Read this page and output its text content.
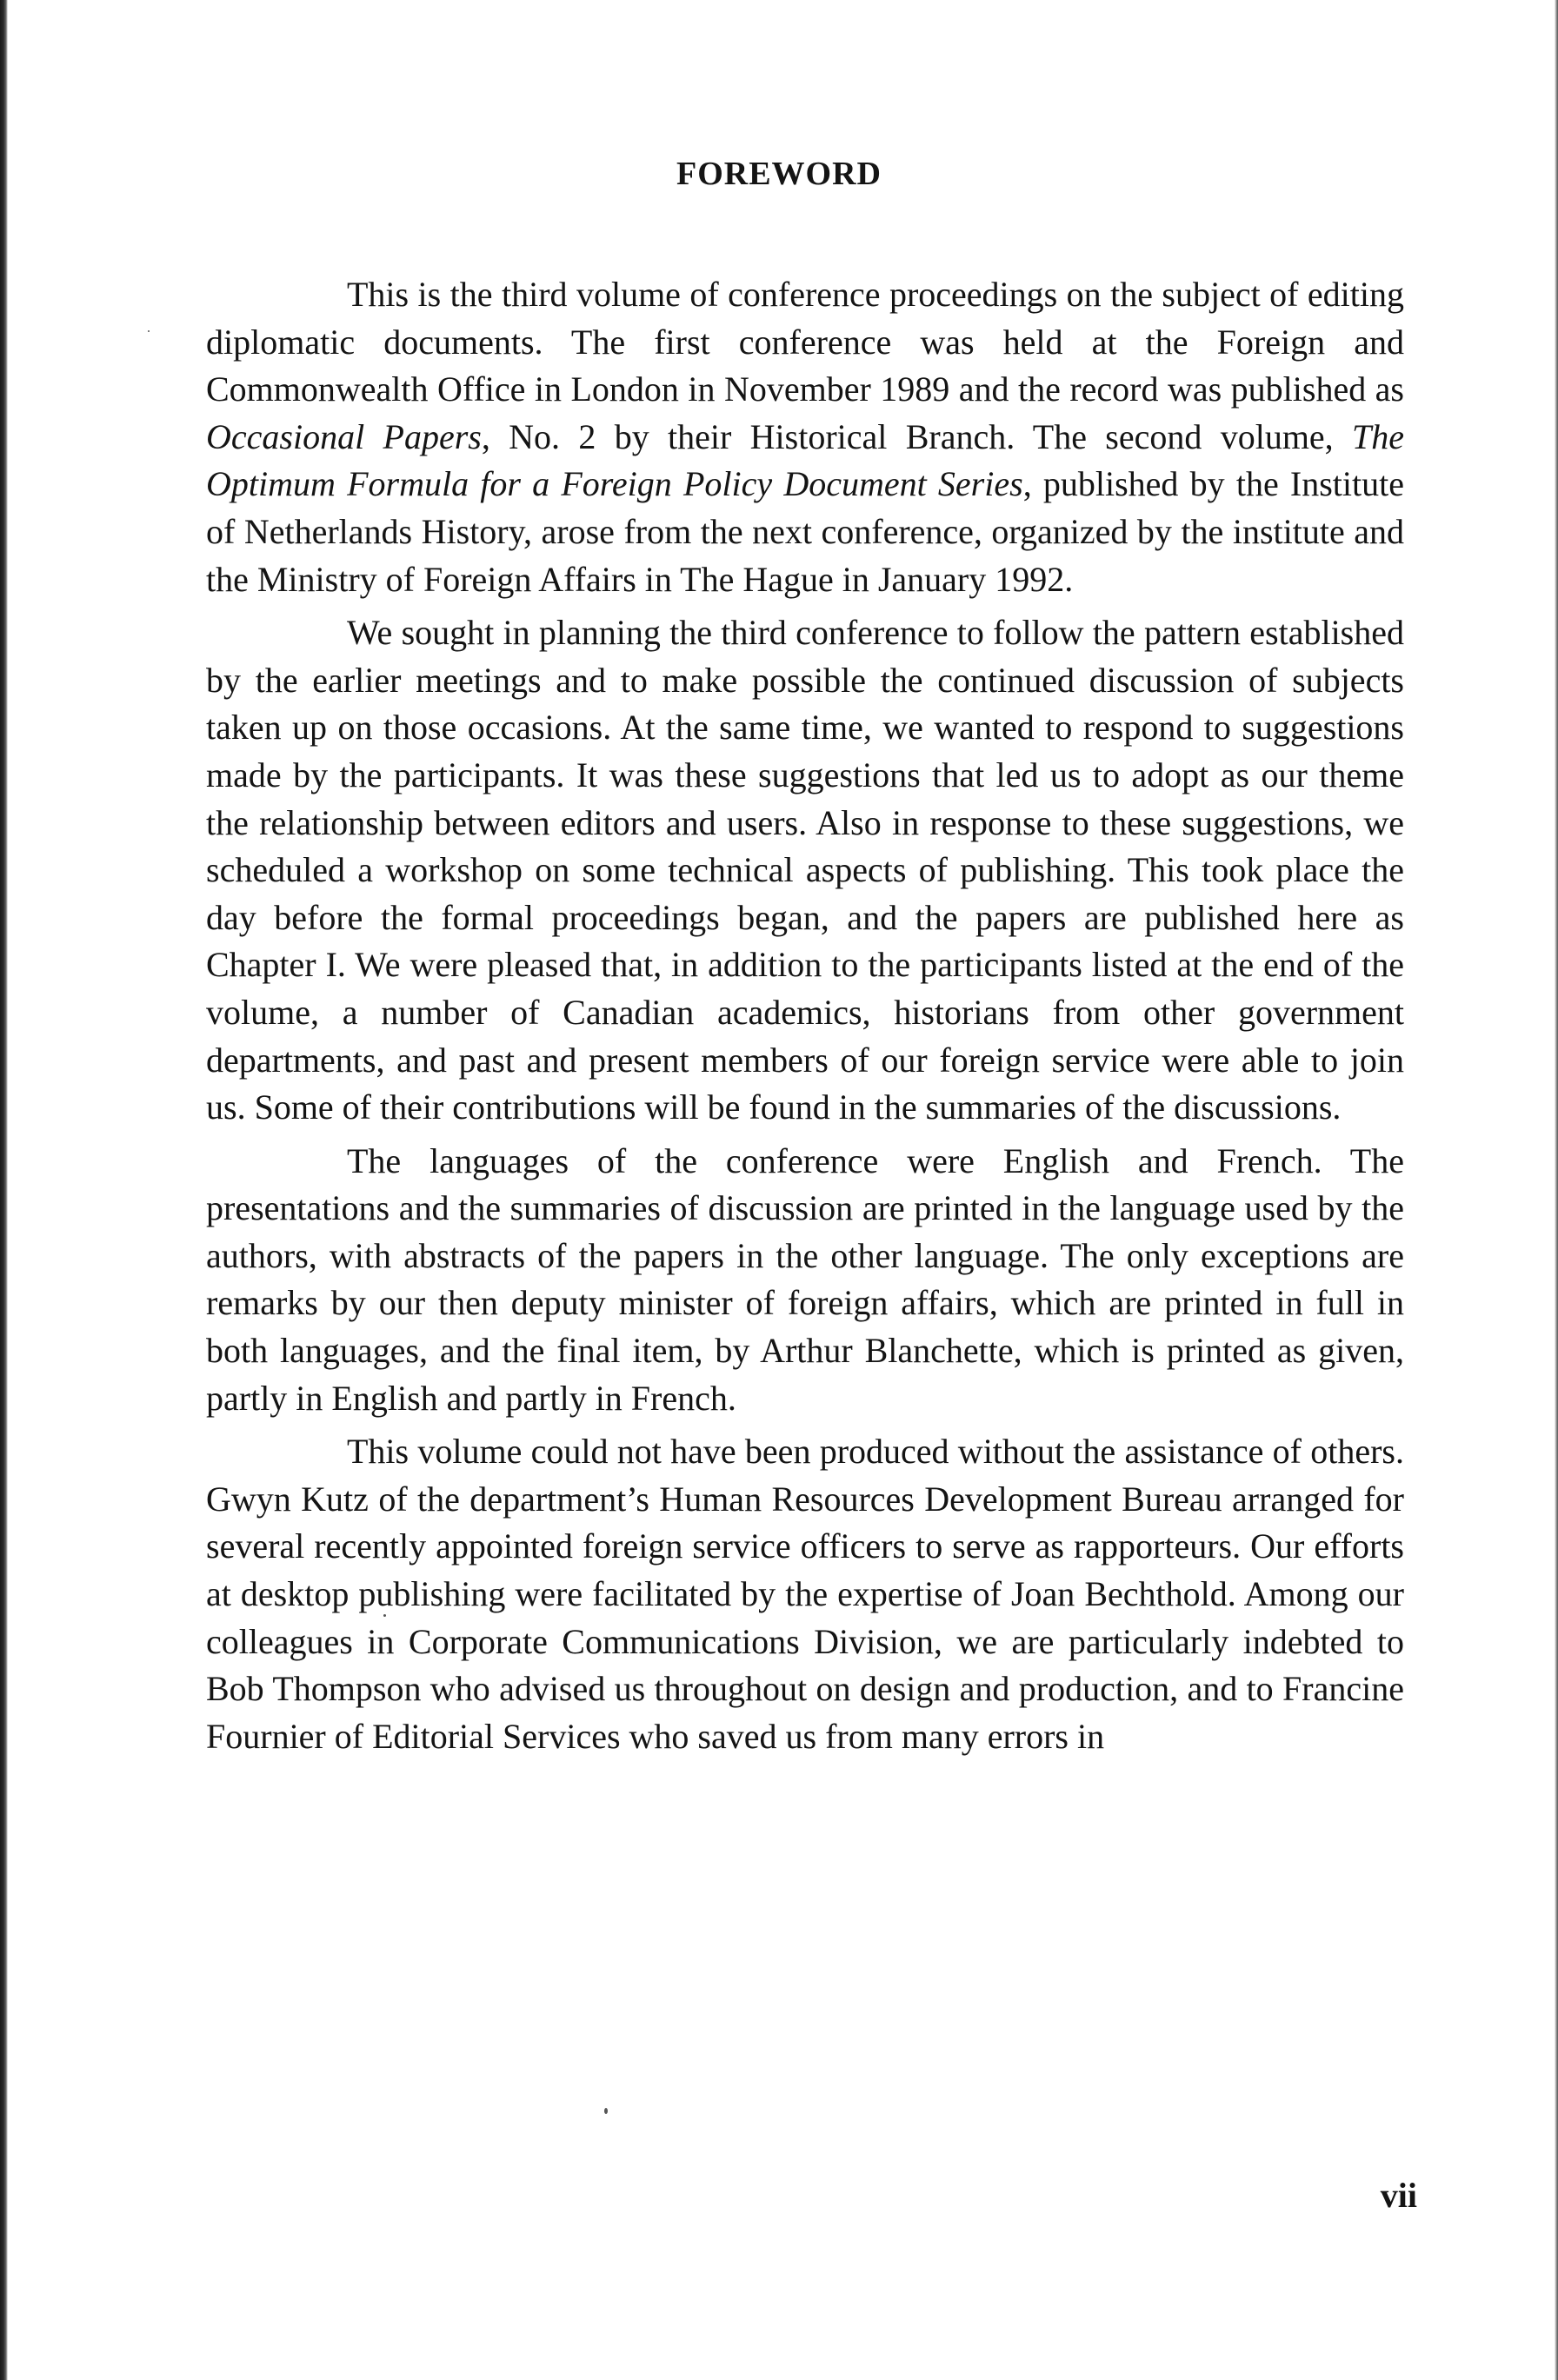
FOREWORD

This is the third volume of conference proceedings on the subject of editing diplomatic documents. The first conference was held at the Foreign and Commonwealth Office in London in November 1989 and the record was published as Occasional Papers, No. 2 by their Historical Branch. The second volume, The Optimum Formula for a Foreign Policy Document Series, published by the Institute of Netherlands History, arose from the next conference, organized by the institute and the Ministry of Foreign Affairs in The Hague in January 1992.

We sought in planning the third conference to follow the pattern established by the earlier meetings and to make possible the continued discussion of subjects taken up on those occasions. At the same time, we wanted to respond to suggestions made by the participants. It was these suggestions that led us to adopt as our theme the relationship between editors and users. Also in response to these suggestions, we scheduled a workshop on some technical aspects of publishing. This took place the day before the formal proceedings began, and the papers are published here as Chapter I. We were pleased that, in addition to the participants listed at the end of the volume, a number of Canadian academics, historians from other government departments, and past and present members of our foreign service were able to join us. Some of their contributions will be found in the summaries of the discussions.

The languages of the conference were English and French. The presentations and the summaries of discussion are printed in the language used by the authors, with abstracts of the papers in the other language. The only exceptions are remarks by our then deputy minister of foreign affairs, which are printed in full in both languages, and the final item, by Arthur Blanchette, which is printed as given, partly in English and partly in French.

This volume could not have been produced without the assistance of others. Gwyn Kutz of the department’s Human Resources Development Bureau arranged for several recently appointed foreign service officers to serve as rapporteurs. Our efforts at desktop publishing were facilitated by the expertise of Joan Bechthold. Among our colleagues in Corporate Communications Division, we are particularly indebted to Bob Thompson who advised us throughout on design and production, and to Francine Fournier of Editorial Services who saved us from many errors in

vii
